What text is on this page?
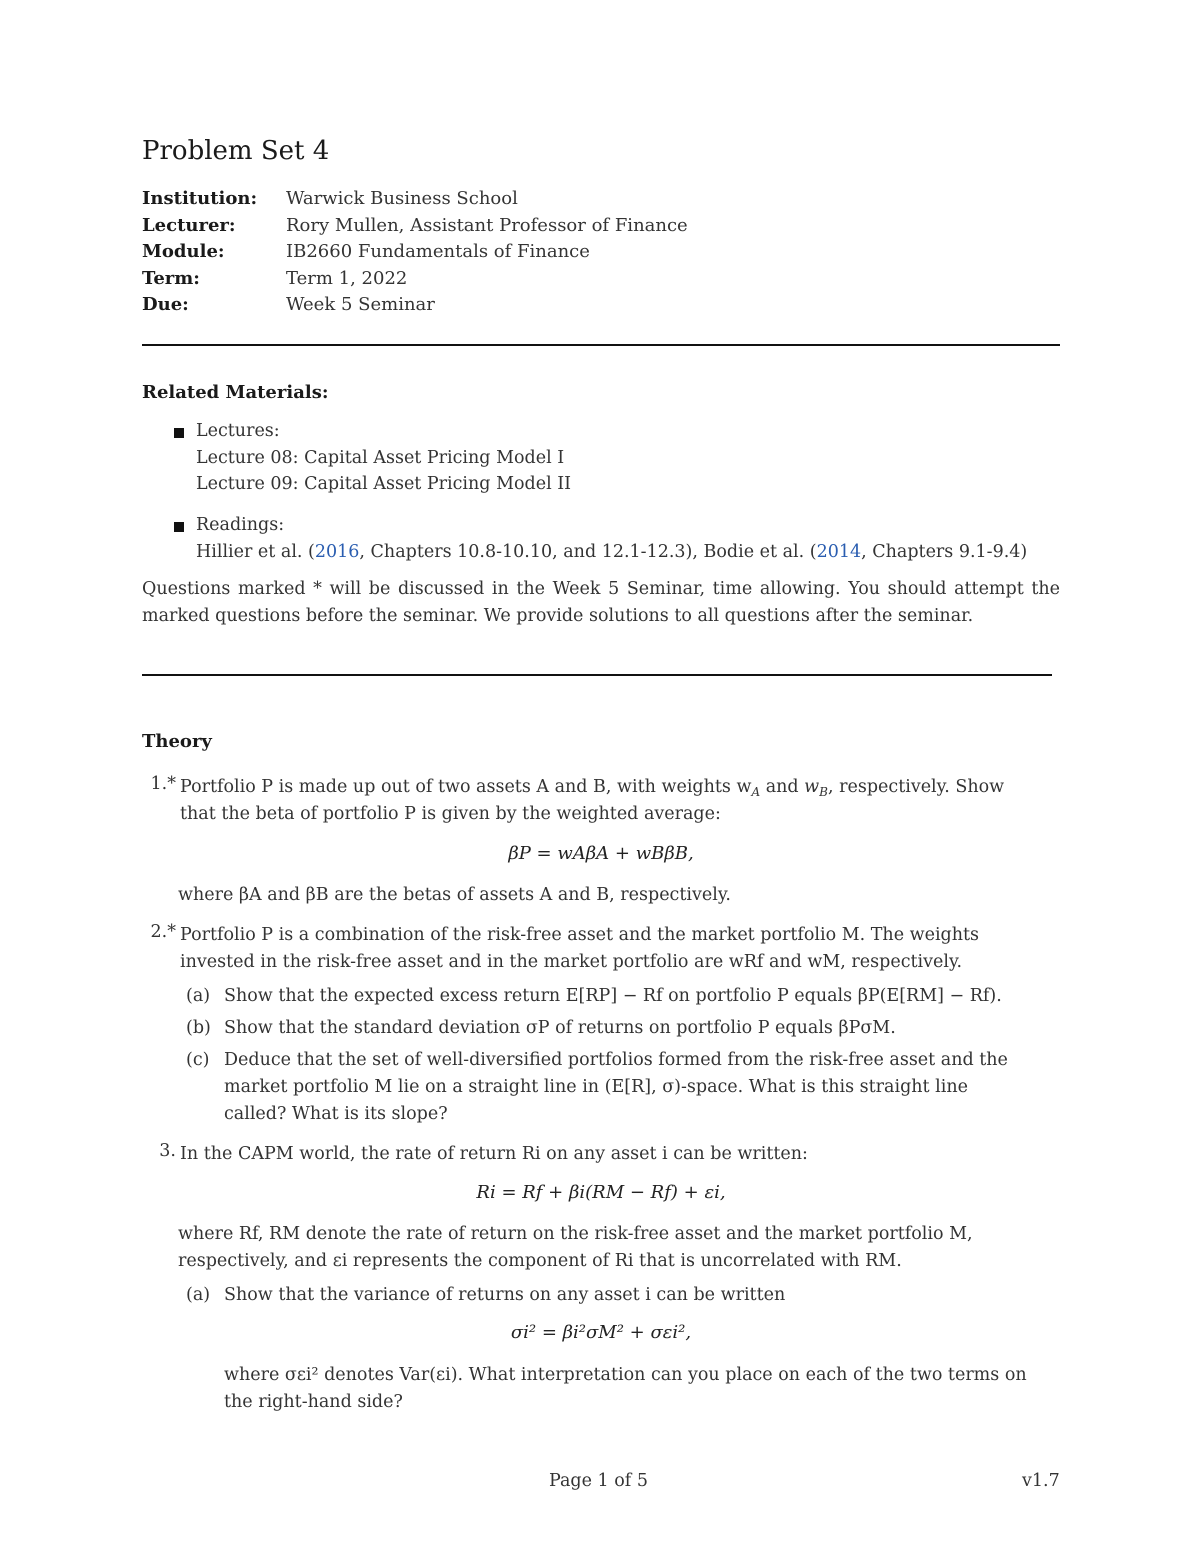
Problem Set 4
Institution:	Warwick Business School
Lecturer:	Rory Mullen, Assistant Professor of Finance
Module:	IB2660 Fundamentals of Finance
Term:	Term 1, 2022
Due:	Week 5 Seminar
Related Materials:
Lectures:
Lecture 08: Capital Asset Pricing Model I
Lecture 09: Capital Asset Pricing Model II
Readings:
Hillier et al. (2016, Chapters 10.8-10.10, and 12.1-12.3), Bodie et al. (2014, Chapters 9.1-9.4)
Questions marked * will be discussed in the Week 5 Seminar, time allowing. You should attempt the marked questions before the seminar. We provide solutions to all questions after the seminar.
Theory
1.* Portfolio P is made up out of two assets A and B, with weights $w_A$ and $w_B$, respectively. Show
that the beta of portfolio P is given by the weighted average:
βP = wAβA + wBβB,
where βA and βB are the betas of assets A and B, respectively.
2.* Portfolio P is a combination of the risk-free asset and the market portfolio M. The weights
invested in the risk-free asset and in the market portfolio are wRf and wM, respectively.
(a) Show that the expected excess return E[RP] − Rf on portfolio P equals βP(E[RM] − Rf).
(b) Show that the standard deviation σP of returns on portfolio P equals βPσM.
(c) Deduce that the set of well-diversified portfolios formed from the risk-free asset and the
market portfolio M lie on a straight line in (E[R], σ)-space. What is this straight line
called? What is its slope?
3. In the CAPM world, the rate of return Ri on any asset i can be written:
Ri = Rf + βi(RM − Rf) + εi,
where Rf, RM denote the rate of return on the risk-free asset and the market portfolio M,
respectively, and εi represents the component of Ri that is uncorrelated with RM.
(a) Show that the variance of returns on any asset i can be written
σi² = βi²σM² + σεi²,
where σεi² denotes Var(εi). What interpretation can you place on each of the two terms on
the right-hand side?
Page 1 of 5	v1.7
